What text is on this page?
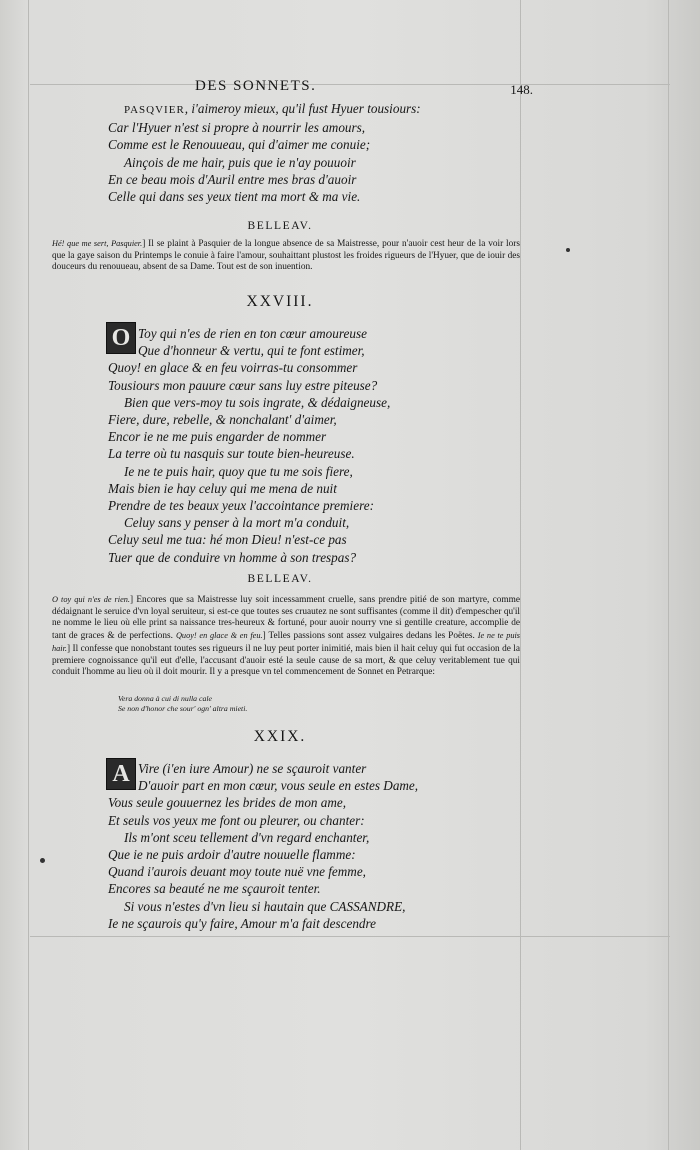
DES SONNETS.	148.
PASQVIER, i'aimeroy mieux, qu'il fust Hyuer tousiours:
Car l'Hyuer n'est si propre à nourrir les amours,
Comme est le Renouueau, qui d'aimer me conuie;
Ainçois de me hair, puis que ie n'ay pouuoir
En ce beau mois d'Auril entre mes bras d'auoir
Celle qui dans ses yeux tient ma mort & ma vie.
BELLEAV.

Hé! que me sert, Pasquier.] Il se plaint à Pasquier de la longue absence de sa Maistresse, pour n'auoir cest heur de la voir lors que la gaye saison du Printemps le conuie à faire l'amour, souhaittant plustost les froides rigueurs de l'Hyuer, que de iouir des douceurs du renouueau, absent de sa Dame. Tout est de son inuention.

XXVIII.
O Toy qui n'es de rien en ton cœur amoureuse
Que d'honneur & vertu, qui te font estimer,
Quoy! en glace & en feu voirras-tu consommer
Tousiours mon pauure cœur sans luy estre piteuse?
Bien que vers-moy tu sois ingrate, & dédaigneuse,
Fiere, dure, rebelle, & nonchalant' d'aimer,
Encor ie ne me puis engarder de nommer
La terre où tu nasquis sur toute bien-heureuse.
Ie ne te puis hair, quoy que tu me sois fiere,
Mais bien ie hay celuy qui me mena de nuit
Prendre de tes beaux yeux l'accointance premiere:
Celuy sans y penser à la mort m'a conduit,
Celuy seul me tua: hé mon Dieu! n'est-ce pas
Tuer que de conduire vn homme à son trespas?
BELLEAV.

O toy qui n'es de rien.] Encores que sa Maistresse luy soit incessamment cruelle, sans prendre pitié de son martyre, comme dédaignant le seruice d'vn loyal seruiteur, si est-ce que toutes ses cruautez ne sont suffisantes (comme il dit) d'empescher qu'il ne nomme le lieu où elle print sa naissance tres-heureux & fortuné, pour auoir nourry vne si gentille creature, accomplie de tant de graces & de perfections. Quoy! en glace & en feu.] Telles passions sont assez vulgaires dedans les Poëtes. Ie ne te puis hair.] Il confesse que nonobstant toutes ses rigueurs il ne luy peut porter inimitié, mais bien il hait celuy qui fut occasion de la premiere cognoissance qu'il eut d'elle, l'accusant d'auoir esté la seule cause de sa mort, & que celuy veritablement tue qui conduit l'homme au lieu où il doit mourir. Il y a presque vn tel commencement de Sonnet en Petrarque:

Vera donna à cui di nulla cale
Se non d'honor che sour' ogn' altra mieti.
XXIX.
A Vire (i'en iure Amour) ne se sçauroit vanter
D'auoir part en mon cœur, vous seule en estes Dame,
Vous seule gouuernez les brides de mon ame,
Et seuls vos yeux me font ou pleurer, ou chanter:
Ils m'ont sceu tellement d'vn regard enchanter,
Que ie ne puis ardoir d'autre nouuelle flamme:
Quand i'aurois deuant moy toute nuë vne femme,
Encores sa beauté ne me sçauroit tenter.
Si vous n'estes d'vn lieu si hautain que CASSANDRE,
Ie ne sçaurois qu'y faire, Amour m'a fait descendre
